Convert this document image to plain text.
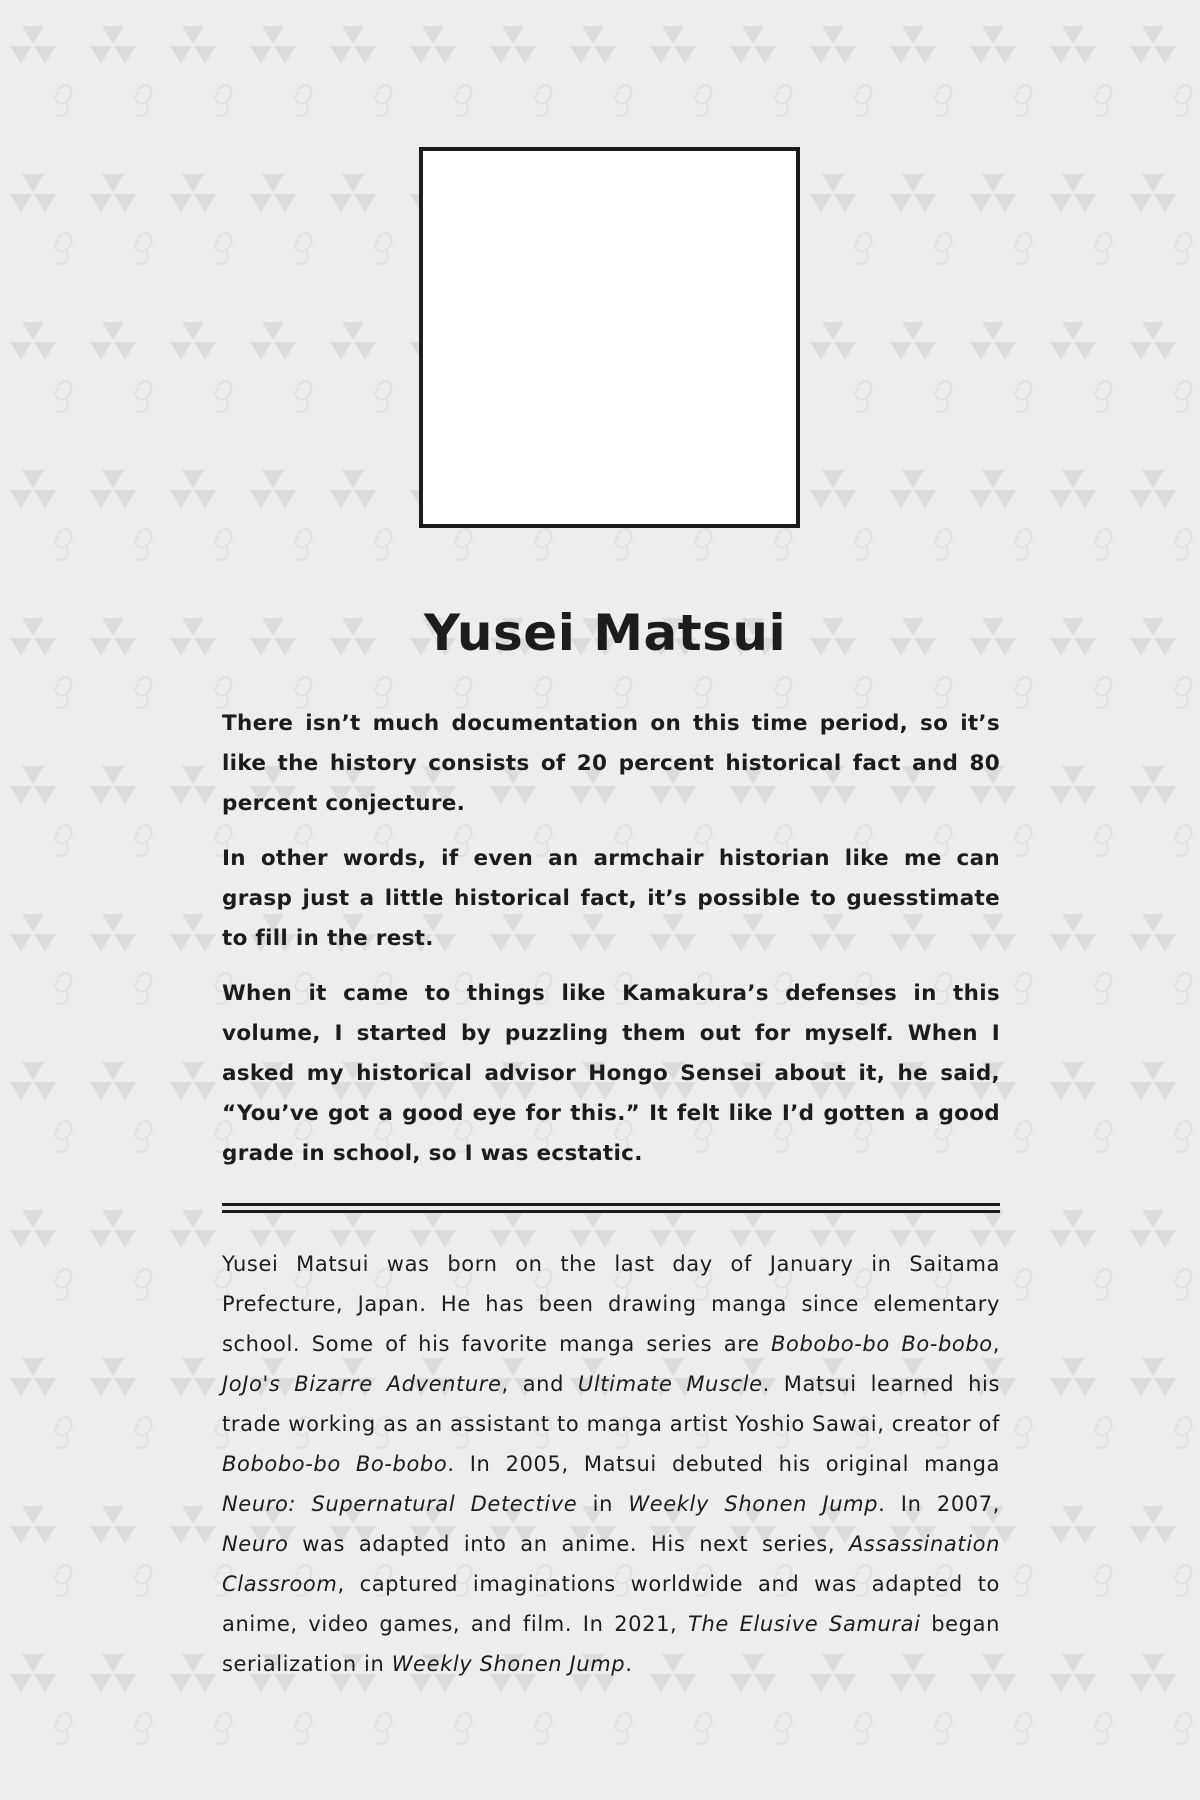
Yusei Matsui

There isn’t much documentation on this time period, so it’s like the history consists of 20 percent historical fact and 80 percent conjecture.

In other words, if even an armchair historian like me can grasp just a little historical fact, it’s possible to guesstimate to fill in the rest.

When it came to things like Kamakura’s defenses in this volume, I started by puzzling them out for myself. When I asked my historical advisor Hongo Sensei about it, he said, “You’ve got a good eye for this.” It felt like I’d gotten a good grade in school, so I was ecstatic.

Yusei Matsui was born on the last day of January in Saitama Prefecture, Japan. He has been drawing manga since elementary school. Some of his favorite manga series are Bobobo-bo Bo-bobo, JoJo's Bizarre Adventure, and Ultimate Muscle. Matsui learned his trade working as an assistant to manga artist Yoshio Sawai, creator of Bobobo-bo Bo-bobo. In 2005, Matsui debuted his original manga Neuro: Supernatural Detective in Weekly Shonen Jump. In 2007, Neuro was adapted into an anime. His next series, Assassination Classroom, captured imaginations worldwide and was adapted to anime, video games, and film. In 2021, The Elusive Samurai began serialization in Weekly Shonen Jump.
